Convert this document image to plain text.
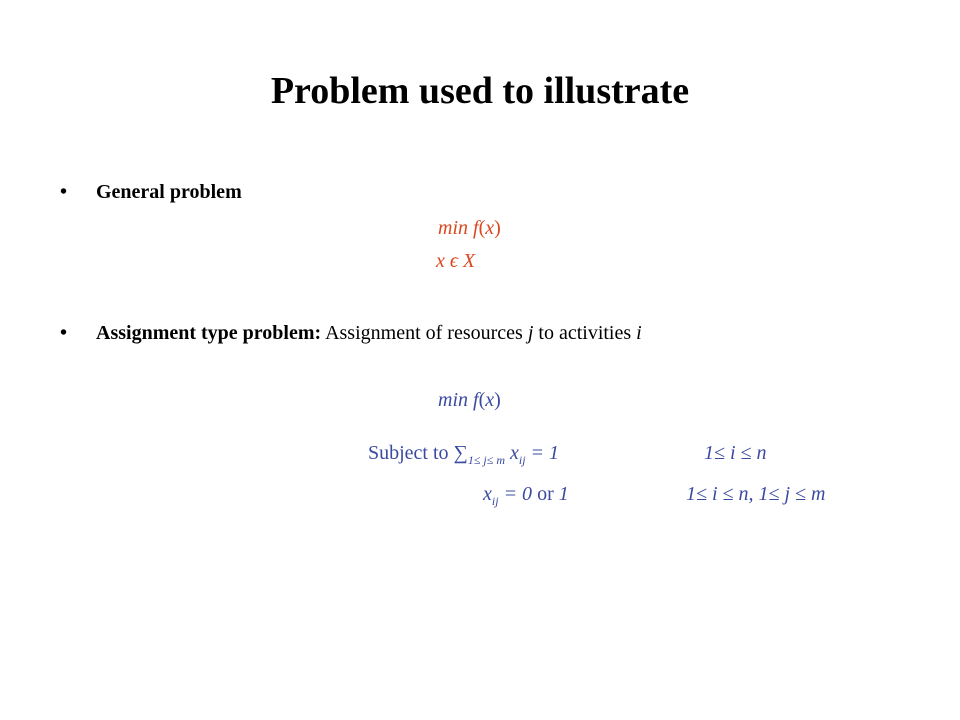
Problem used to illustrate
• General problem
min f(x)
x ϵ X
• Assignment type problem: Assignment of resources j to activities i
min f(x)
Subject to $\sum_{1\le j\le m}$ $x_{ij} = 1$	1≤ i ≤ n
$x_{ij} = 0$ or 1	1≤ i ≤ n, 1≤ j ≤ m
